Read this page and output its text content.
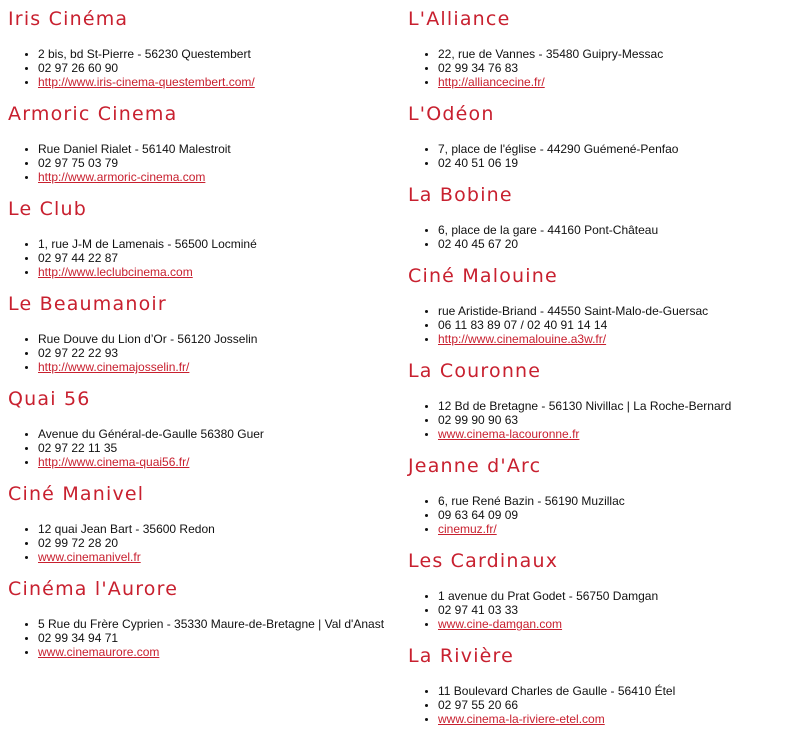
Iris Cinéma
• 2 bis, bd St-Pierre - 56230 Questembert
• 02 97 26 60 90
• http://www.iris-cinema-questembert.com/
Armoric Cinema
• Rue Daniel Rialet - 56140 Malestroit
• 02 97 75 03 79
• http://www.armoric-cinema.com
Le Club
• 1, rue J-M de Lamenais - 56500 Locminé
• 02 97 44 22 87
• http://www.leclubcinema.com
Le Beaumanoir
• Rue Douve du Lion d’Or - 56120 Josselin
• 02 97 22 22 93
• http://www.cinemajosselin.fr/
Quai 56
• Avenue du Général-de-Gaulle 56380 Guer
• 02 97 22 11 35
• http://www.cinema-quai56.fr/
Ciné Manivel
• 12 quai Jean Bart - 35600 Redon
• 02 99 72 28 20
• www.cinemanivel.fr
Cinéma l'Aurore
• 5 Rue du Frère Cyprien - 35330 Maure-de-Bretagne | Val d'Anast
• 02 99 34 94 71
• www.cinemaurore.com
L'Alliance
• 22, rue de Vannes - 35480 Guipry-Messac
• 02 99 34 76 83
• http://alliancecine.fr/
L'Odéon
• 7, place de l'église - 44290 Guémené-Penfao
• 02 40 51 06 19
La Bobine
• 6, place de la gare - 44160 Pont-Château
• 02 40 45 67 20
Ciné Malouine
• rue Aristide-Briand - 44550 Saint-Malo-de-Guersac
• 06 11 83 89 07 / 02 40 91 14 14
• http://www.cinemalouine.a3w.fr/
La Couronne
• 12 Bd de Bretagne - 56130 Nivillac | La Roche-Bernard
• 02 99 90 90 63
• www.cinema-lacouronne.fr
Jeanne d'Arc
• 6, rue René Bazin - 56190 Muzillac
• 09 63 64 09 09
• cinemuz.fr/
Les Cardinaux
• 1 avenue du Prat Godet - 56750 Damgan
• 02 97 41 03 33
• www.cine-damgan.com
La Rivière
• 11 Boulevard Charles de Gaulle - 56410 Étel
• 02 97 55 20 66
• www.cinema-la-riviere-etel.com
